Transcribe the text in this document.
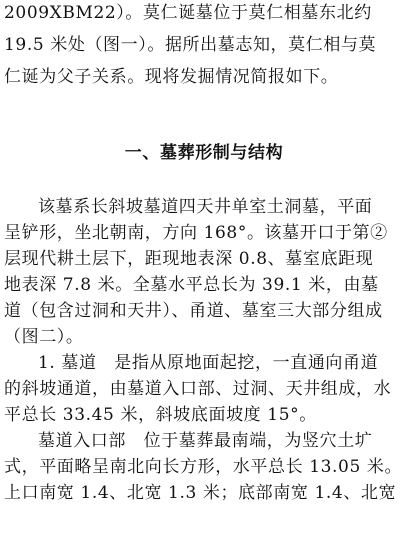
2009XBM22）。莫仁诞墓位于莫仁相墓东北约
19.5 米处（图一）。据所出墓志知，莫仁相与莫
仁诞为父子关系。现将发掘情况简报如下。
一、墓葬形制与结构
该墓系长斜坡墓道四天井单室土洞墓，平面
呈铲形，坐北朝南，方向 168°。该墓开口于第②
层现代耕土层下，距现地表深 0.8、墓室底距现
地表深 7.8 米。全墓水平总长为 39.1 米，由墓
道（包含过洞和天井）、甬道、墓室三大部分组成
（图二）。
1. 墓道　是指从原地面起挖，一直通向甬道
的斜坡通道，由墓道入口部、过洞、天井组成，水
平总长 33.45 米，斜坡底面坡度 15°。
墓道入口部　位于墓葬最南端，为竖穴土圹
式，平面略呈南北向长方形，水平总长 13.05 米。
上口南宽 1.4、北宽 1.3 米；底部南宽 1.4、北宽
